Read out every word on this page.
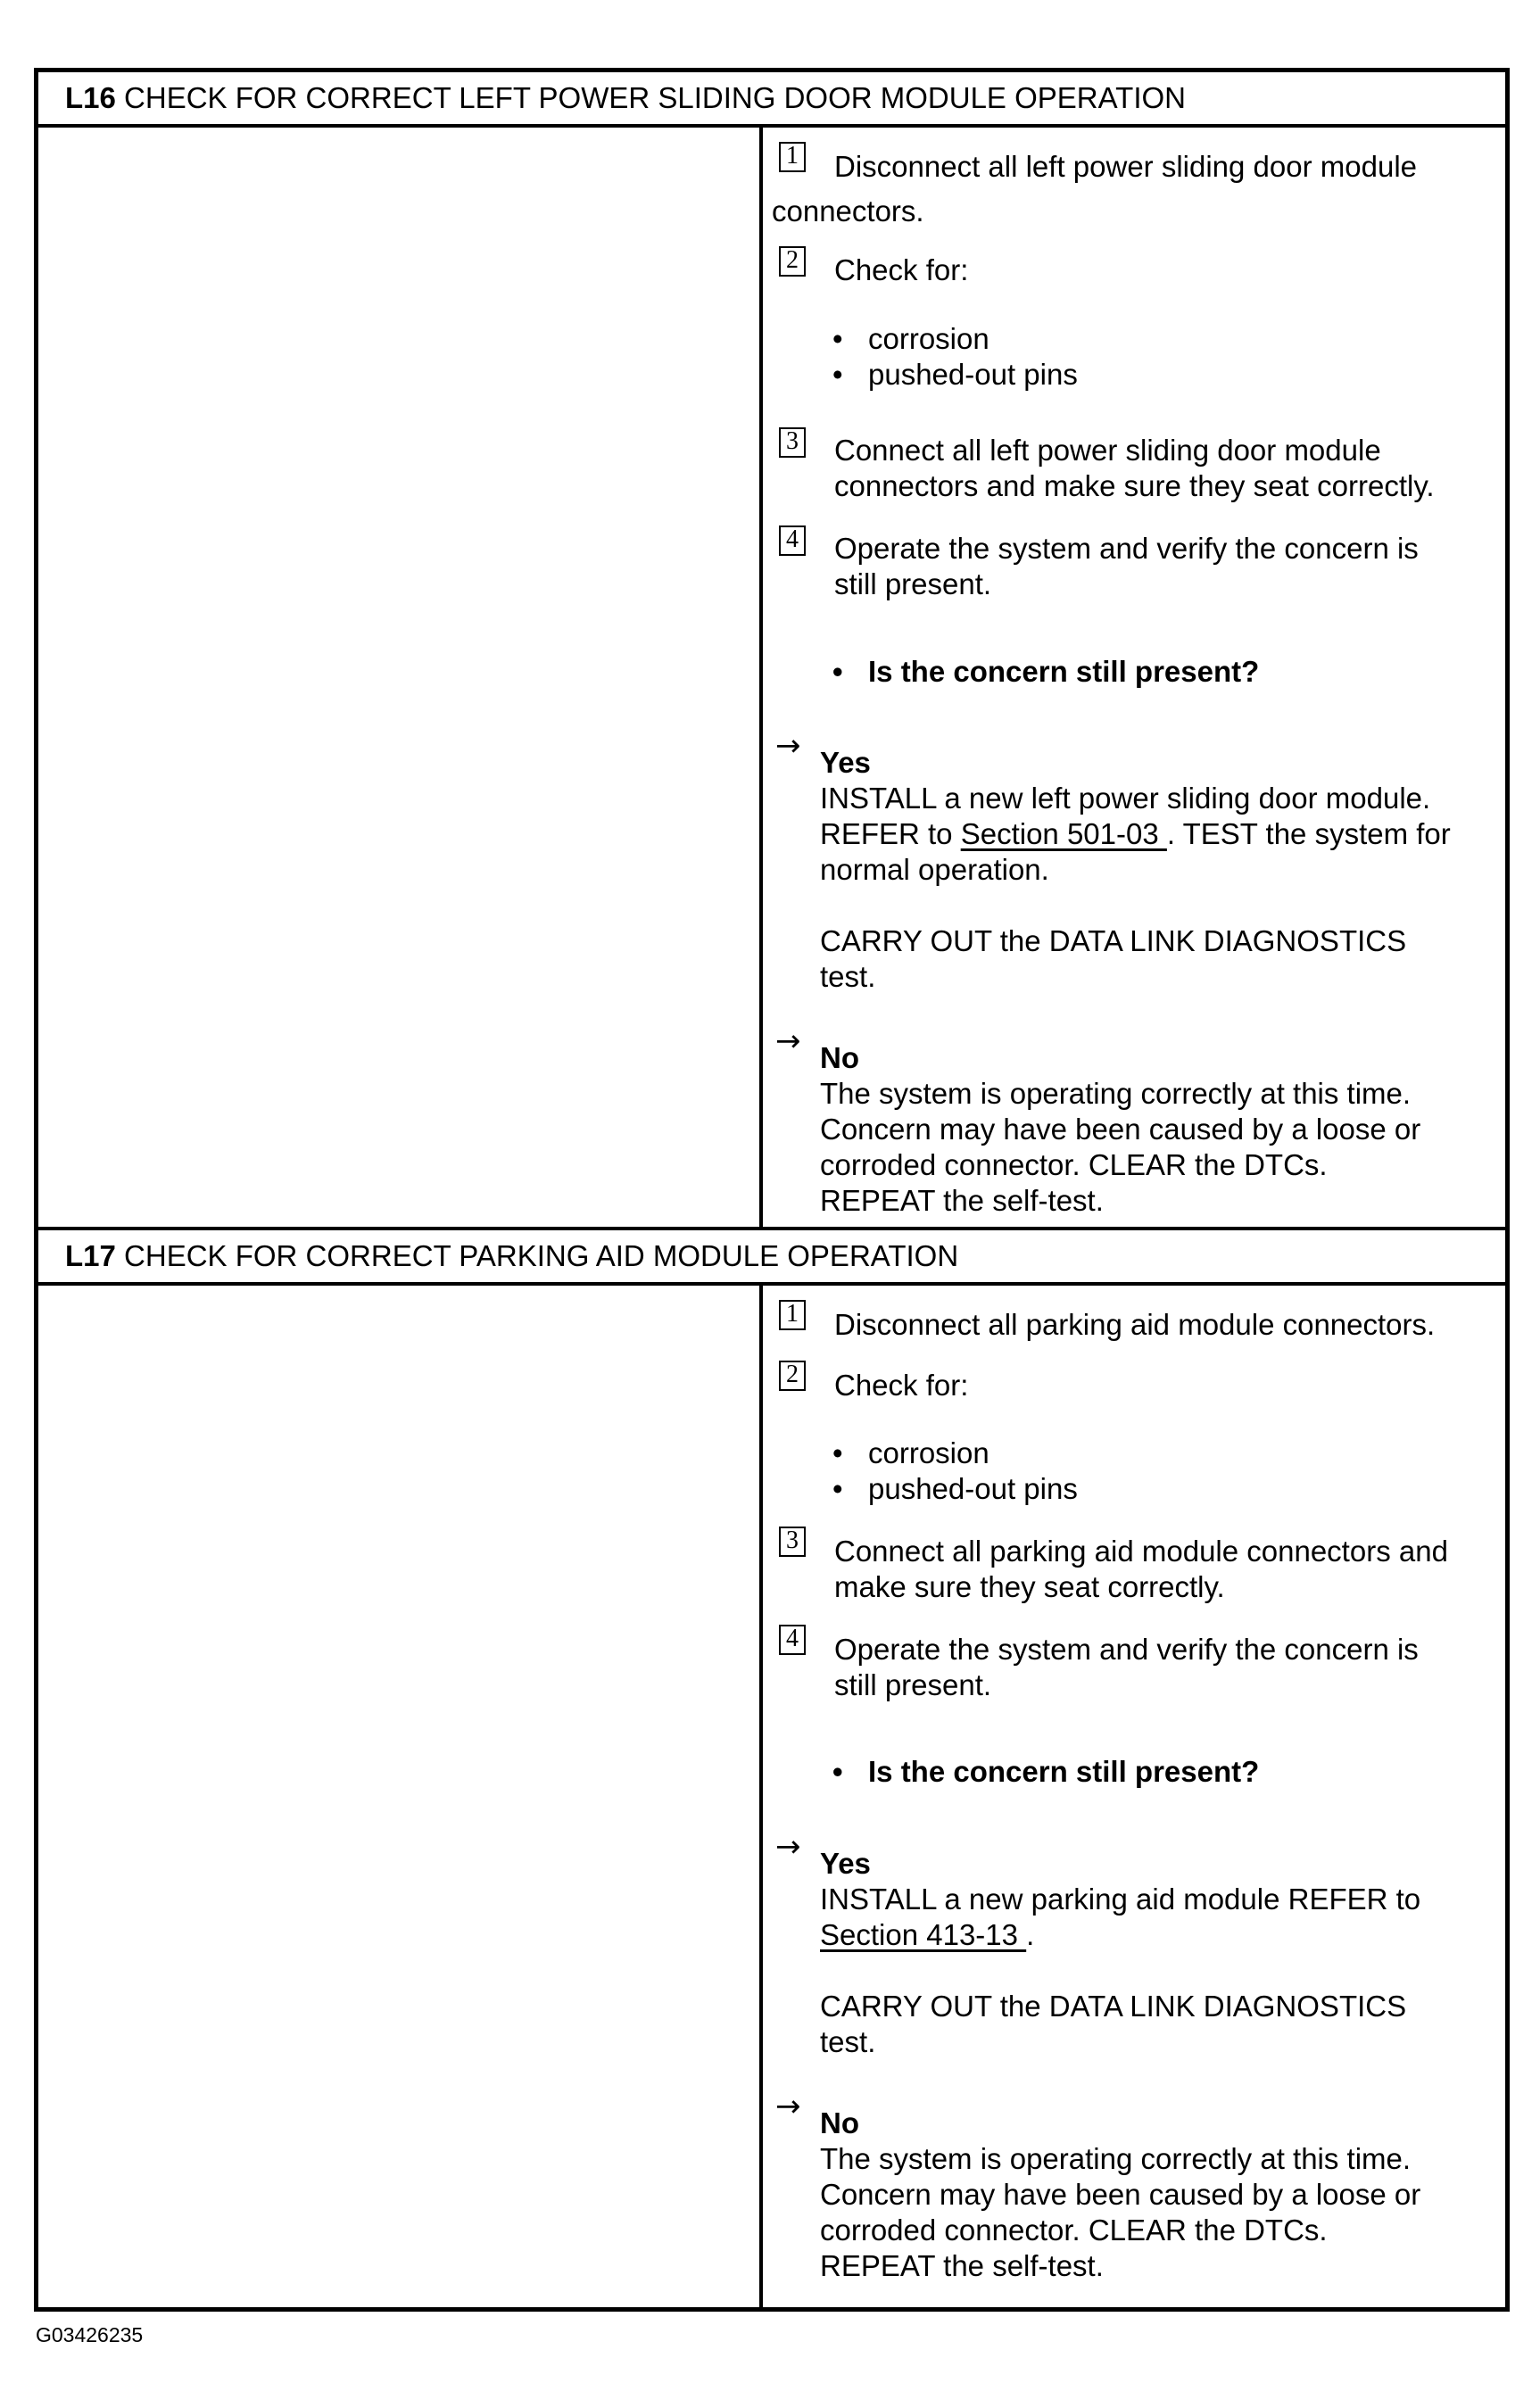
L16 CHECK FOR CORRECT LEFT POWER SLIDING DOOR MODULE OPERATION
1 Disconnect all left power sliding door module
connectors.
2 Check for:
• corrosion
• pushed-out pins
3 Connect all left power sliding door module
connectors and make sure they seat correctly.
4 Operate the system and verify the concern is
still present.
• Is the concern still present?
→ Yes
INSTALL a new left power sliding door module.
REFER to Section 501-03 . TEST the system for
normal operation.
CARRY OUT the DATA LINK DIAGNOSTICS
test.
→ No
The system is operating correctly at this time.
Concern may have been caused by a loose or
corroded connector. CLEAR the DTCs.
REPEAT the self-test.
L17 CHECK FOR CORRECT PARKING AID MODULE OPERATION
1 Disconnect all parking aid module connectors.
2 Check for:
• corrosion
• pushed-out pins
3 Connect all parking aid module connectors and
make sure they seat correctly.
4 Operate the system and verify the concern is
still present.
• Is the concern still present?
→ Yes
INSTALL a new parking aid module REFER to
Section 413-13 .
CARRY OUT the DATA LINK DIAGNOSTICS
test.
→ No
The system is operating correctly at this time.
Concern may have been caused by a loose or
corroded connector. CLEAR the DTCs.
REPEAT the self-test.
G03426235
